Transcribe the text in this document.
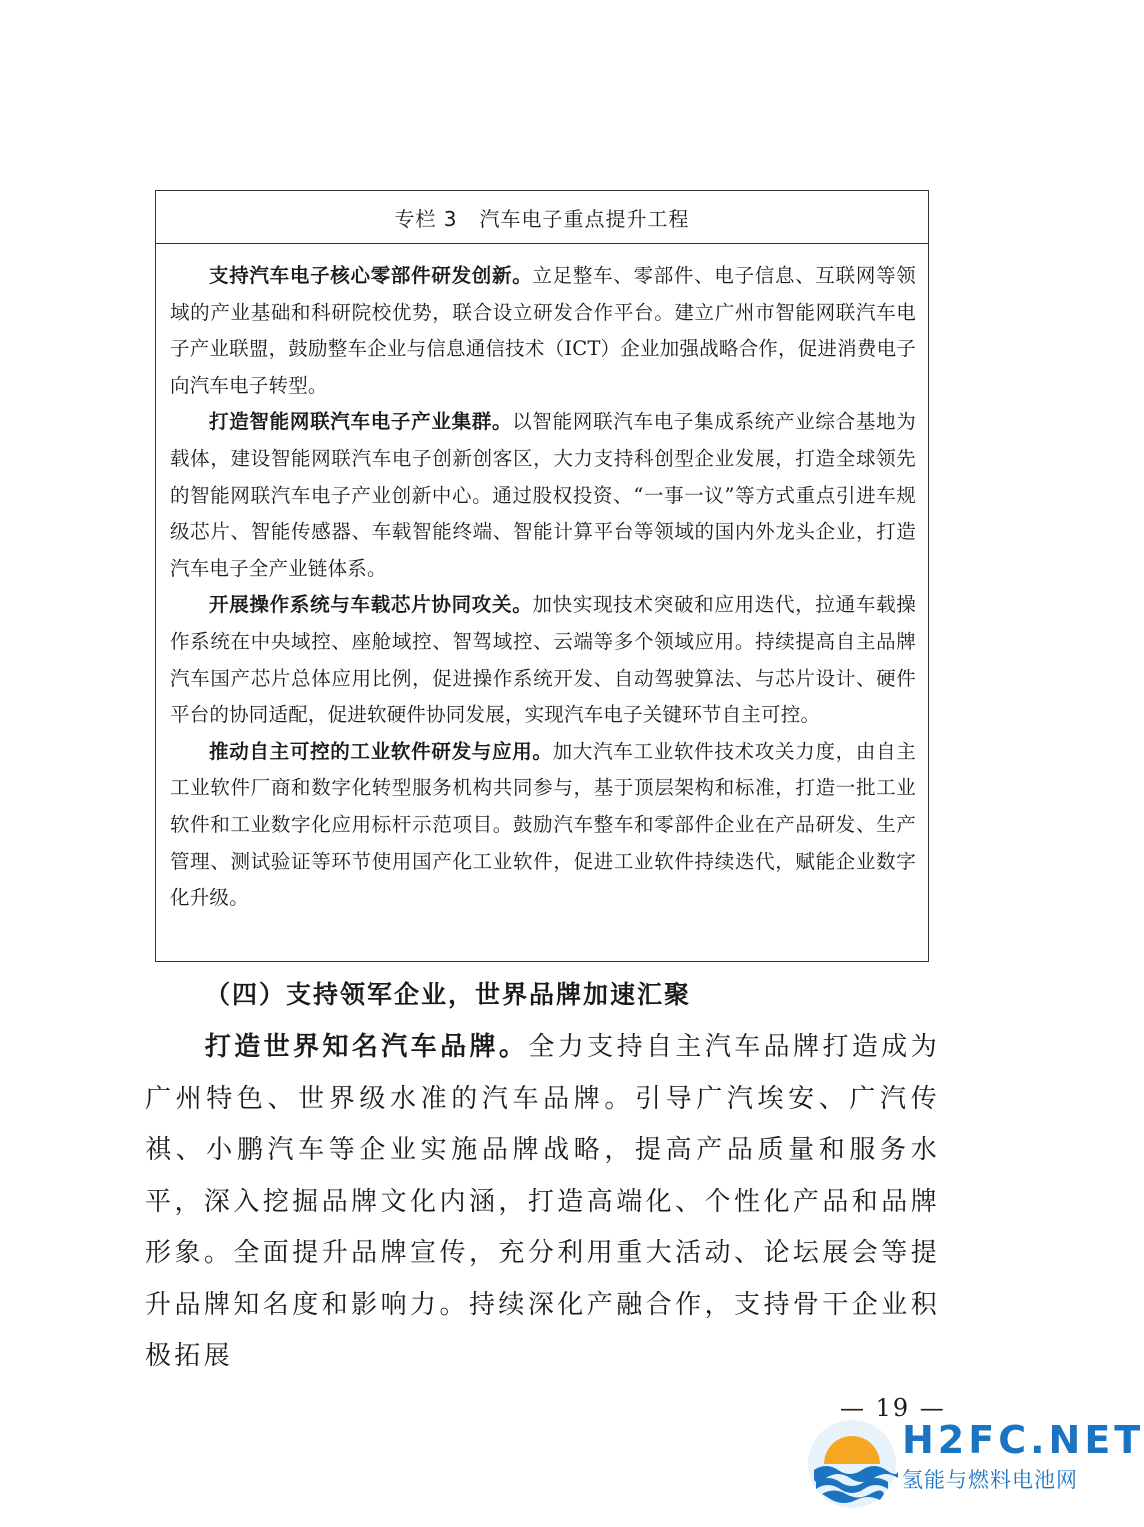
专栏 3 汽车电子重点提升工程

支持汽车电子核心零部件研发创新。立足整车、零部件、电子信息、互联网等领域的产业基础和科研院校优势，联合设立研发合作平台。建立广州市智能网联汽车电子产业联盟，鼓励整车企业与信息通信技术（ICT）企业加强战略合作，促进消费电子向汽车电子转型。

打造智能网联汽车电子产业集群。以智能网联汽车电子集成系统产业综合基地为载体，建设智能网联汽车电子创新创客区，大力支持科创型企业发展，打造全球领先的智能网联汽车电子产业创新中心。通过股权投资、“一事一议”等方式重点引进车规级芯片、智能传感器、车载智能终端、智能计算平台等领域的国内外龙头企业，打造汽车电子全产业链体系。

开展操作系统与车载芯片协同攻关。加快实现技术突破和应用迭代，拉通车载操作系统在中央域控、座舱域控、智驾域控、云端等多个领域应用。持续提高自主品牌汽车国产芯片总体应用比例，促进操作系统开发、自动驾驶算法、与芯片设计、硬件平台的协同适配，促进软硬件协同发展，实现汽车电子关键环节自主可控。

推动自主可控的工业软件研发与应用。加大汽车工业软件技术攻关力度，由自主工业软件厂商和数字化转型服务机构共同参与，基于顶层架构和标准，打造一批工业软件和工业数字化应用标杆示范项目。鼓励汽车整车和零部件企业在产品研发、生产管理、测试验证等环节使用国产化工业软件，促进工业软件持续迭代，赋能企业数字化升级。

（四）支持领军企业，世界品牌加速汇聚

打造世界知名汽车品牌。全力支持自主汽车品牌打造成为广州特色、世界级水准的汽车品牌。引导广汽埃安、广汽传祺、小鹏汽车等企业实施品牌战略，提高产品质量和服务水平，深入挖掘品牌文化内涵，打造高端化、个性化产品和品牌形象。全面提升品牌宣传，充分利用重大活动、论坛展会等提升品牌知名度和影响力。持续深化产融合作，支持骨干企业积极拓展

— 19 —
H2FC.NET
氢能与燃料电池网
